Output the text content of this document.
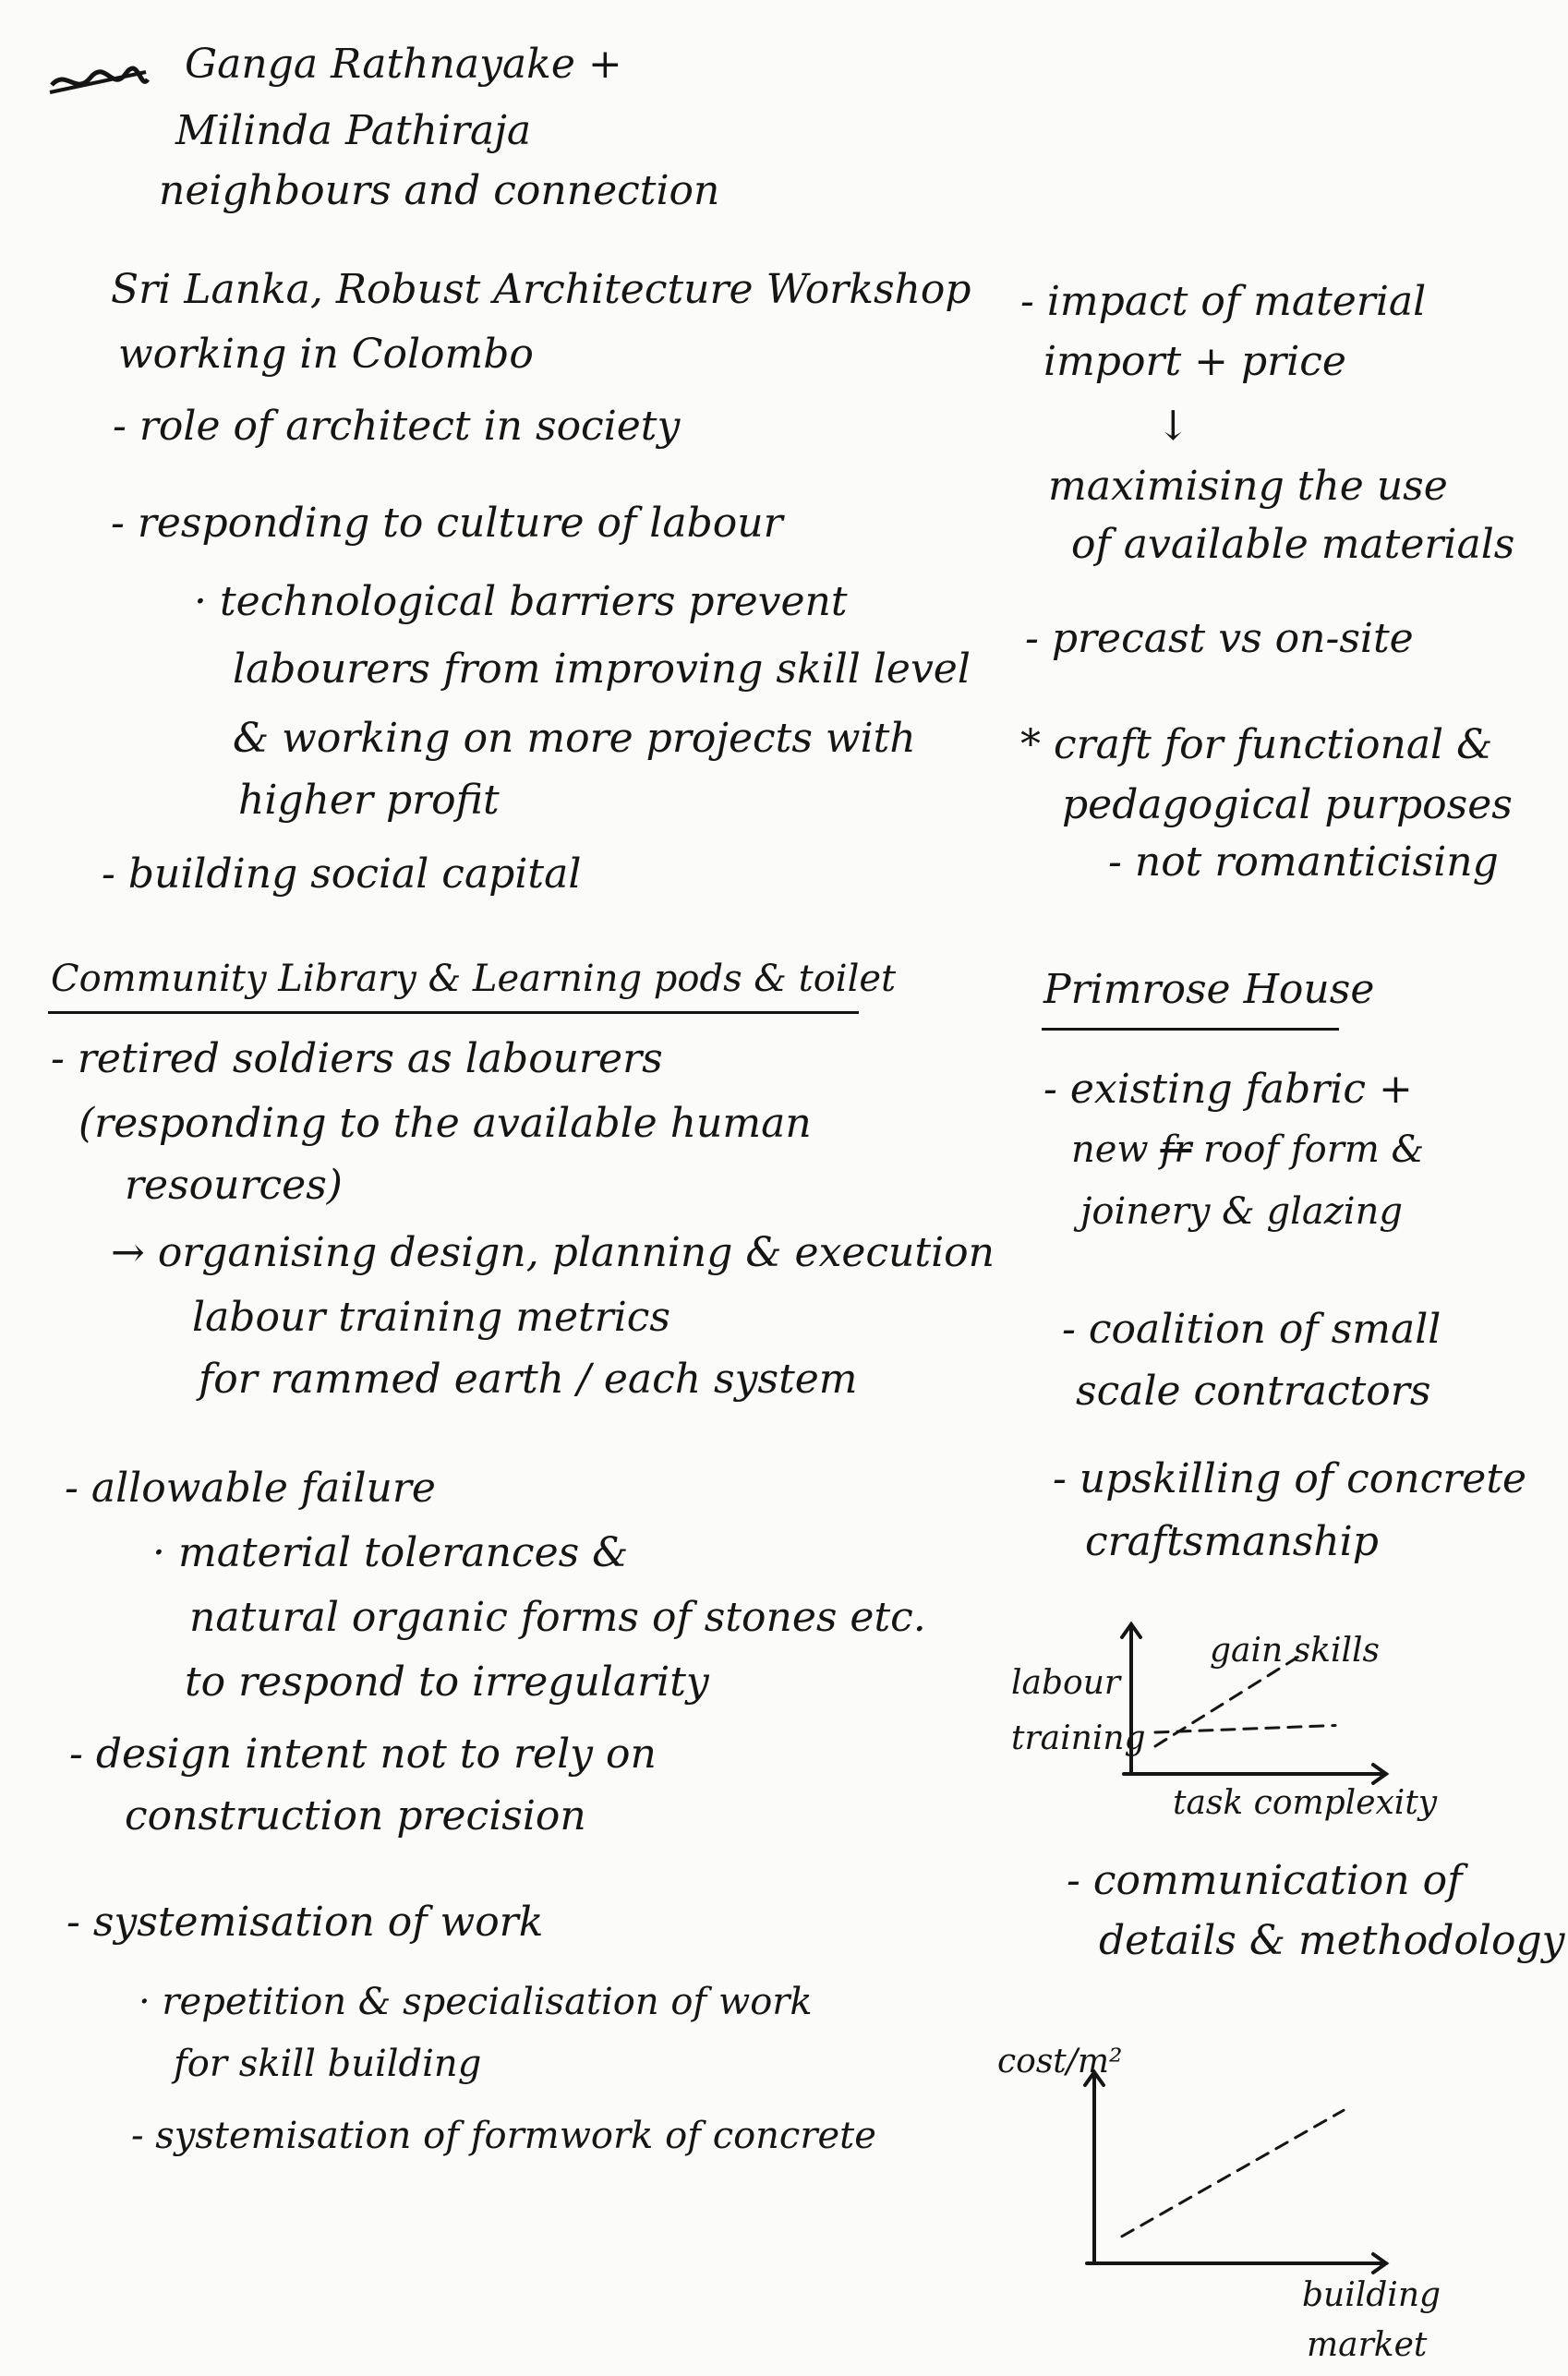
Ganga Rathnayake +
Milinda Pathiraja
neighbours and connection
Sri Lanka, Robust Architecture Workshop
working in Colombo
- role of architect in society
- responding to culture of labour
· technological barriers prevent
labourers from improving skill level
& working on more projects with
higher profit
- building social capital
Community Library & Learning pods & toilet
- retired soldiers as labourers
(responding to the available human
resources)
→ organising design, planning & execution
labour training metrics
for rammed earth / each system
- allowable failure
· material tolerances &
natural organic forms of stones etc.
to respond to irregularity
- design intent not to rely on
construction precision
- systemisation of work
· repetition & specialisation of work
for skill building
- systemisation of formwork of concrete
- impact of material
import + price
↓
maximising the use
of available materials
- precast vs on-site
* craft for functional &
pedagogical purposes
- not romanticising
Primrose House
- existing fabric +
new fr roof form &
joinery & glazing
- coalition of small
scale contractors
- upskilling of concrete
craftsmanship
labour
training
gain skills
task complexity
- communication of
details & methodology
cost/m²
building
market
